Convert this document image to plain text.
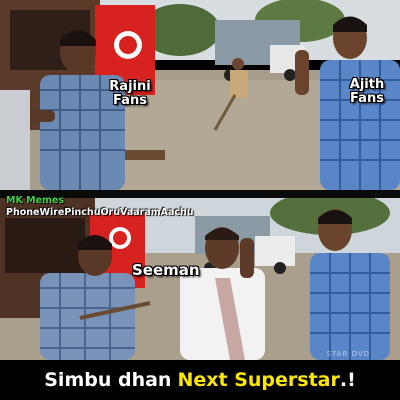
Rajini
Fans
Ajith
Fans
MK Memes
PhoneWirePinchuOruVaaramAachu
Seeman
STAR DVD
Simbu dhan Next Superstar .!
